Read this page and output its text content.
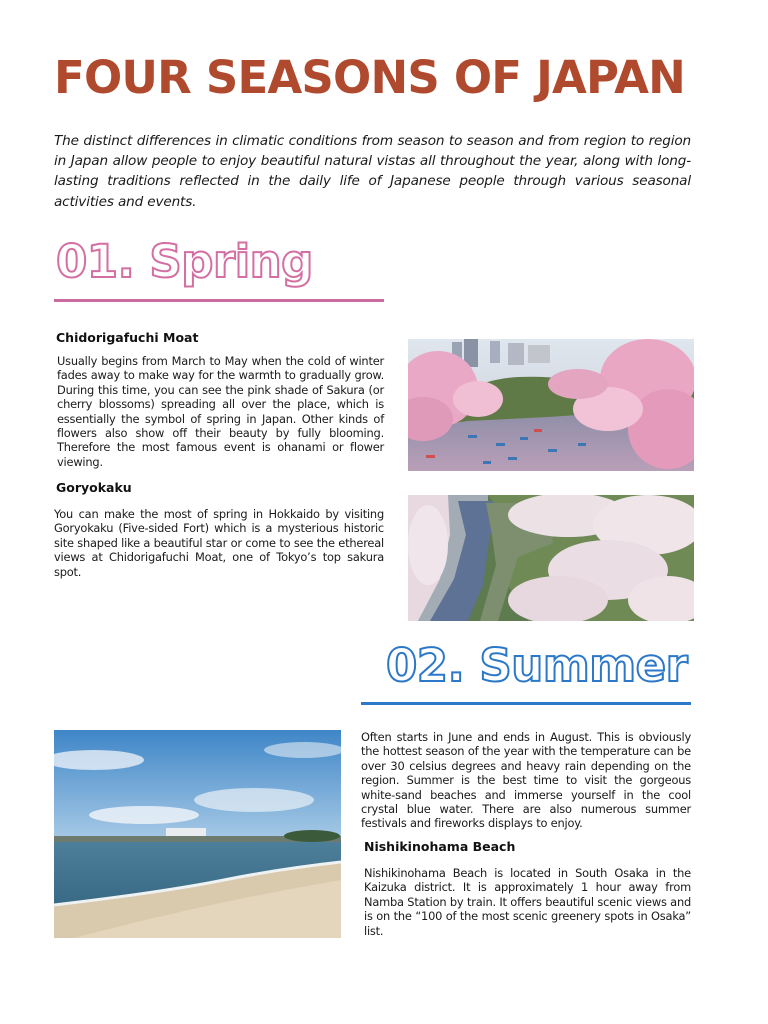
FOUR SEASONS OF JAPAN

The distinct differences in climatic conditions from season to season and from region to region in Japan allow people to enjoy beautiful natural vistas all throughout the year, along with long-lasting traditions reflected in the daily life of Japanese people through various seasonal activities and events.

01. Spring
Chidorigafuchi Moat

Usually begins from March to May when the cold of winter fades away to make way for the warmth to gradually grow. During this time, you can see the pink shade of Sakura (or cherry blossoms) spreading all over the place, which is essentially the symbol of spring in Japan. Other kinds of flowers also show off their beauty by fully blooming. Therefore the most famous event is ohanami or flower viewing.

Goryokaku

You can make the most of spring in Hokkaido by visiting Goryokaku (Five-sided Fort) which is a mysterious historic site shaped like a beautiful star or come to see the ethereal views at Chidorigafuchi Moat, one of Tokyo’s top sakura spot.

02. Summer

Often starts in June and ends in August. This is obviously the hottest season of the year with the temperature can be over 30 celsius degrees and heavy rain depending on the region. Summer is the best time to visit the gorgeous white-sand beaches and immerse yourself in the cool crystal blue water. There are also numerous summer festivals and fireworks displays to enjoy.

Nishikinohama Beach

Nishikinohama Beach is located in South Osaka in the Kaizuka district. It is approximately 1 hour away from Namba Station by train. It offers beautiful scenic views and is on the “100 of the most scenic greenery spots in Osaka” list.
